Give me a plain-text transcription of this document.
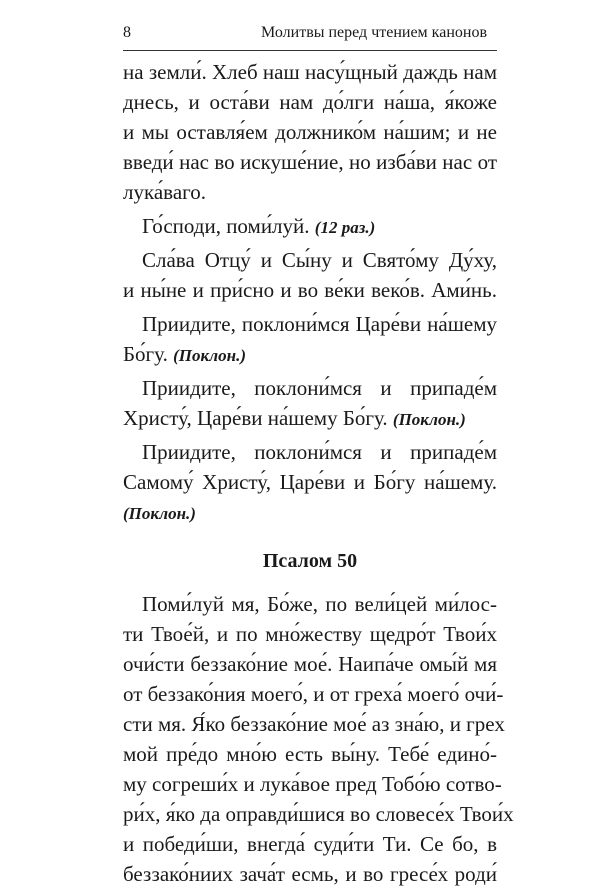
8	Молитвы перед чтением канонов
на земли́. Хлеб наш насу́щный даждь нам
днесь, и оста́ви нам до́лги на́ша, я́коже
и мы оставля́ем должнико́м на́шим; и не
введи́ нас во искуше́ние, но изба́ви нас от
лука́ваго.
Го́споди, поми́луй. (12 раз.)
Сла́ва Отцу́ и Сы́ну и Свято́му Ду́ху,
и ны́не и при́сно и во ве́ки веко́в. Ами́нь.
Приидите, поклони́мся Царе́ви на́шему
Бо́гу. (Поклон.)
Приидите, поклони́мся и припаде́м
Христу́, Царе́ви на́шему Бо́гу. (Поклон.)
Приидите, поклони́мся и припаде́м
Самому́ Христу́, Царе́ви и Бо́гу на́шему.
(Поклон.)
Псалом 50
Поми́луй мя, Бо́же, по вели́цей ми́лос-
ти Твое́й, и по мно́жеству щедро́т Твои́х
очи́сти беззако́ние мое́. Наипа́че омы́й мя
от беззако́ния моего́, и от греха́ моего́ очи́-
сти мя. Я́ко беззако́ние мое́ аз зна́ю, и грех
мой пре́до мно́ю есть вы́ну. Тебе́ едино́-
му согреши́х и лука́вое пред Тобо́ю сотво-
ри́х, я́ко да оправди́шися во словесе́х Твои́х
и победи́ши, внегда́ суди́ти Ти. Се бо, в
беззако́ниих зача́т есмь, и во гресе́х роди́
